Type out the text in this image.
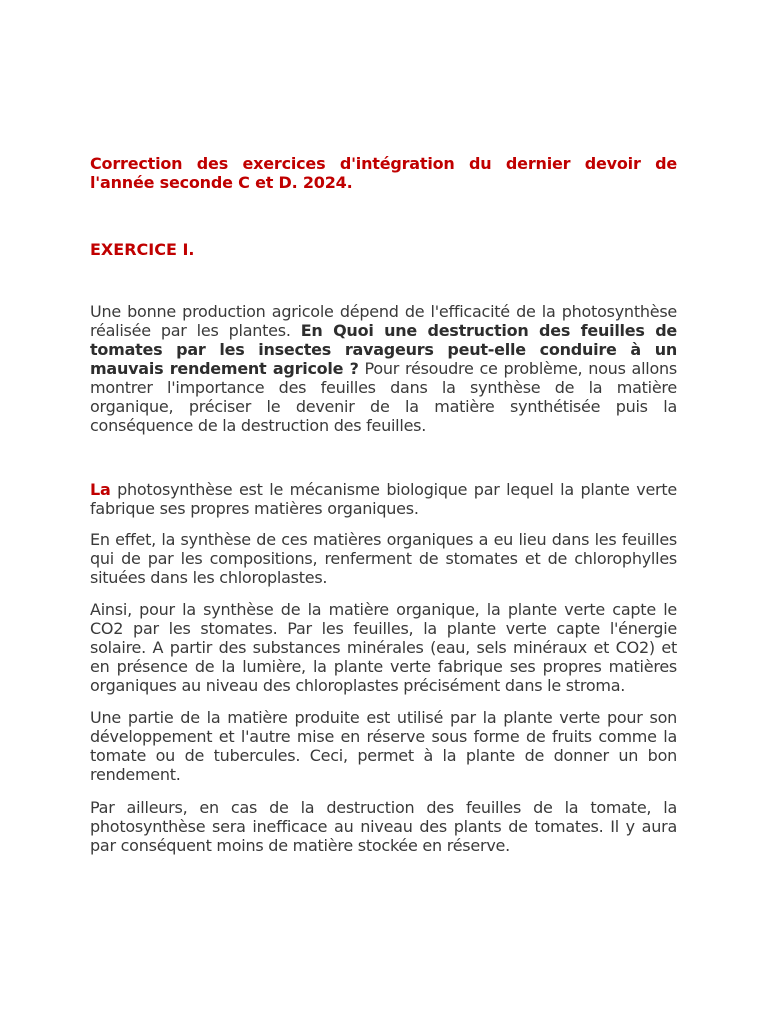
Correction des exercices d'intégration du dernier devoir de l'année seconde C et D. 2024.

EXERCICE I.

Une bonne production agricole dépend de l'efficacité de la photosynthèse réalisée par les plantes. En Quoi une destruction des feuilles de tomates par les insectes ravageurs peut-elle conduire à un mauvais rendement agricole ? Pour résoudre ce problème, nous allons montrer l'importance des feuilles dans la synthèse de la matière organique, préciser le devenir de la matière synthétisée puis la conséquence de la destruction des feuilles.

La photosynthèse est le mécanisme biologique par lequel la plante verte fabrique ses propres matières organiques.

En effet, la synthèse de ces matières organiques a eu lieu dans les feuilles qui de par les compositions, renferment de stomates et de chlorophylles situées dans les chloroplastes.

Ainsi, pour la synthèse de la matière organique, la plante verte capte le CO2 par les stomates. Par les feuilles, la plante verte capte l'énergie solaire. A partir des substances minérales (eau, sels minéraux et CO2) et en présence de la lumière, la plante verte fabrique ses propres matières organiques au niveau des chloroplastes précisément dans le stroma.

Une partie de la matière produite est utilisé par la plante verte pour son développement et l'autre mise en réserve sous forme de fruits comme la tomate ou de tubercules. Ceci, permet à la plante de donner un bon rendement.

Par ailleurs, en cas de la destruction des feuilles de la tomate, la photosynthèse sera inefficace au niveau des plants de tomates. Il y aura par conséquent moins de matière stockée en réserve.
